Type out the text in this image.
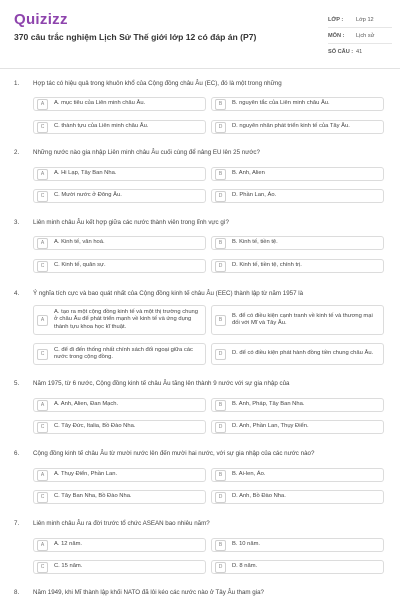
Quizizz
370 câu trắc nghiệm Lịch Sử Thế giới lớp 12 có đáp án (P7)
LỚP :	Lớp 12
MÔN :	Lịch sử
SỐ CÂU : 41
1. Hợp tác có hiệu quả trong khuôn khổ của Cộng đồng châu Âu (EC), đó là một trong những
A	A. mục tiêu của Liên minh châu Âu.	B	B. nguyên tắc của Liên minh châu Âu.
C	C. thành tựu của Liên minh châu Âu.	D	D. nguyên nhân phát triển kinh tế của Tây Âu.
2. Những nước nào gia nhập Liên minh châu Âu cuối cùng để nâng EU lên 25 nước?
A	A. Hi Lạp, Tây Ban Nha.	B	B. Anh, Alien
C	C. Mười nước ở Đông Âu.	D	D. Phần Lan, Áo.
3. Liên minh châu Âu kết hợp giữa các nước thành viên trong lĩnh vực gì?
A	A. Kinh tế, văn hoá.	B	B. Kinh tế, tiền tệ.
C	C. Kinh tế, quân sự.	D	D. Kinh tế, tiền tệ, chính trị.
4. Ý nghĩa tích cực và bao quát nhất của Cộng đồng kinh tế châu Âu (EEC) thành lập từ năm 1957 là
A
A. tạo ra một cộng đồng kinh tế và một thị trường chung ở châu Âu để phát triển mạnh về kinh tế và ứng dụng thành tựu khoa học kĩ thuật.
B
B. để có điều kiện cạnh tranh về kinh tế và thương mại đối với Mĩ và Tây Âu.
C
C. để đi đến thống nhất chính sách đối ngoại giữa các nước trong cộng đồng.	D	D. để có điều kiện phát hành đồng tiền chung châu Âu.
5. Năm 1975, từ 6 nước, Cộng đồng kinh tế châu Âu tăng lên thành 9 nước với sự gia nhập của
A	A. Anh, Alien, Đan Mạch.	B	B. Anh, Pháp, Tây Ban Nha.
C	C. Tây Đức, Italia, Bồ Đào Nha.	D	D. Anh, Phần Lan, Thụy Điển.
6. Cộng đồng kinh tế châu Âu từ mười nước lên đến mười hai nước, với sự gia nhập của các nước nào?
A	A. Thụy Điển, Phần Lan.	B	B. Ai-len, Áo.
C	C. Tây Ban Nha, Bồ Đào Nha.	D	D. Anh, Bồ Đào Nha.
7. Liên minh châu Âu ra đời trước tổ chức ASEAN bao nhiêu năm?
A	A. 12 năm.	B	B. 10 năm.
C	C. 15 năm.	D	D. 8 năm.
8. Năm 1949, khi Mĩ thành lập khối NATO đã lôi kéo các nước nào ở Tây Âu tham gia?
